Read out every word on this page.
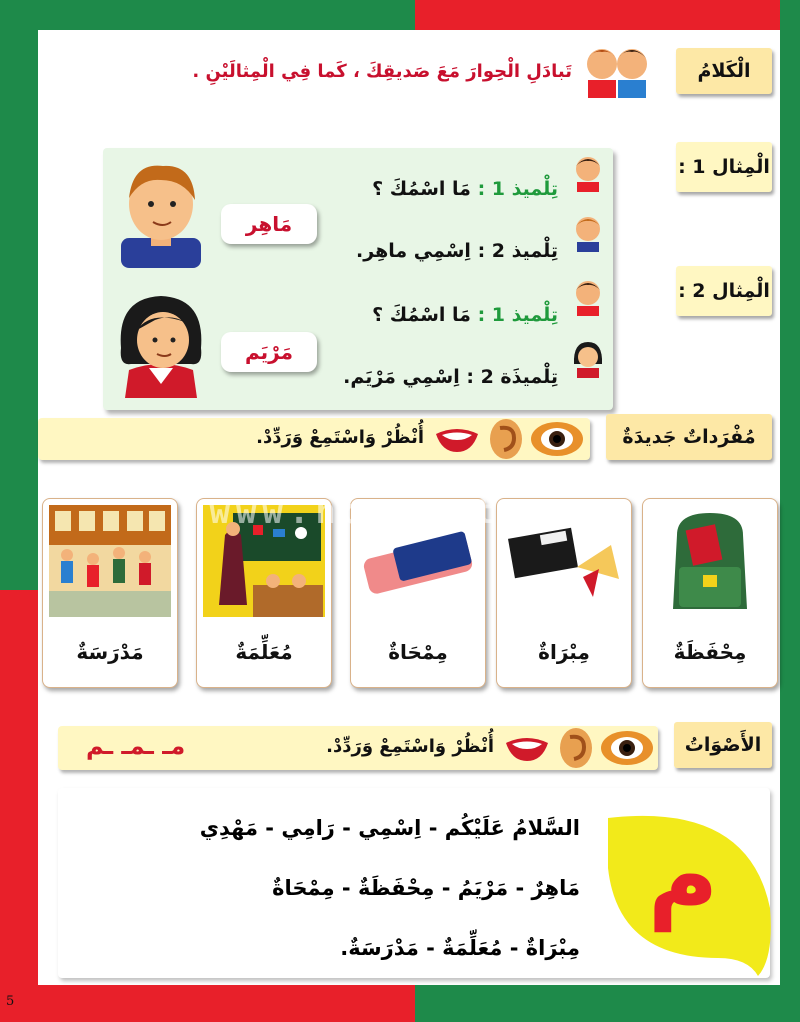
الْكَلامُ
تَبادَلِ الْحِوارَ مَعَ صَديقِكَ ، كَما فِي الْمِثالَيْنِ .
الْمِثال 1 :
الْمِثال 2 :
مَاهِر
مَرْيَم
تِلْميذ 1 : مَا اسْمُكَ ؟
تِلْميذ 2 : اِسْمِي ماهِر.
تِلْميذ 1 : مَا اسْمُكَ ؟
تِلْميذَة 2 : اِسْمِي مَرْيَم.
مُفْرَداتٌ جَديدَةٌ
أُنْظُرْ وَاسْتَمِعْ وَرَدِّدْ.
مِحْفَظَةٌ
مِبْرَاةٌ
مِمْحَاةٌ
مُعَلِّمَةٌ
مَدْرَسَةٌ
www.noorart.com
الأَصْوَاتُ
أُنْظُرْ وَاسْتَمِعْ وَرَدِّدْ.
مـ ـمـ ـم
السَّلامُ عَلَيْكُم - اِسْمِي - رَامِي - مَهْدِي
مَاهِرٌ - مَرْيَمُ - مِحْفَظَةٌ - مِمْحَاةٌ
مِبْرَاةٌ - مُعَلِّمَةٌ - مَدْرَسَةٌ.
م
5
